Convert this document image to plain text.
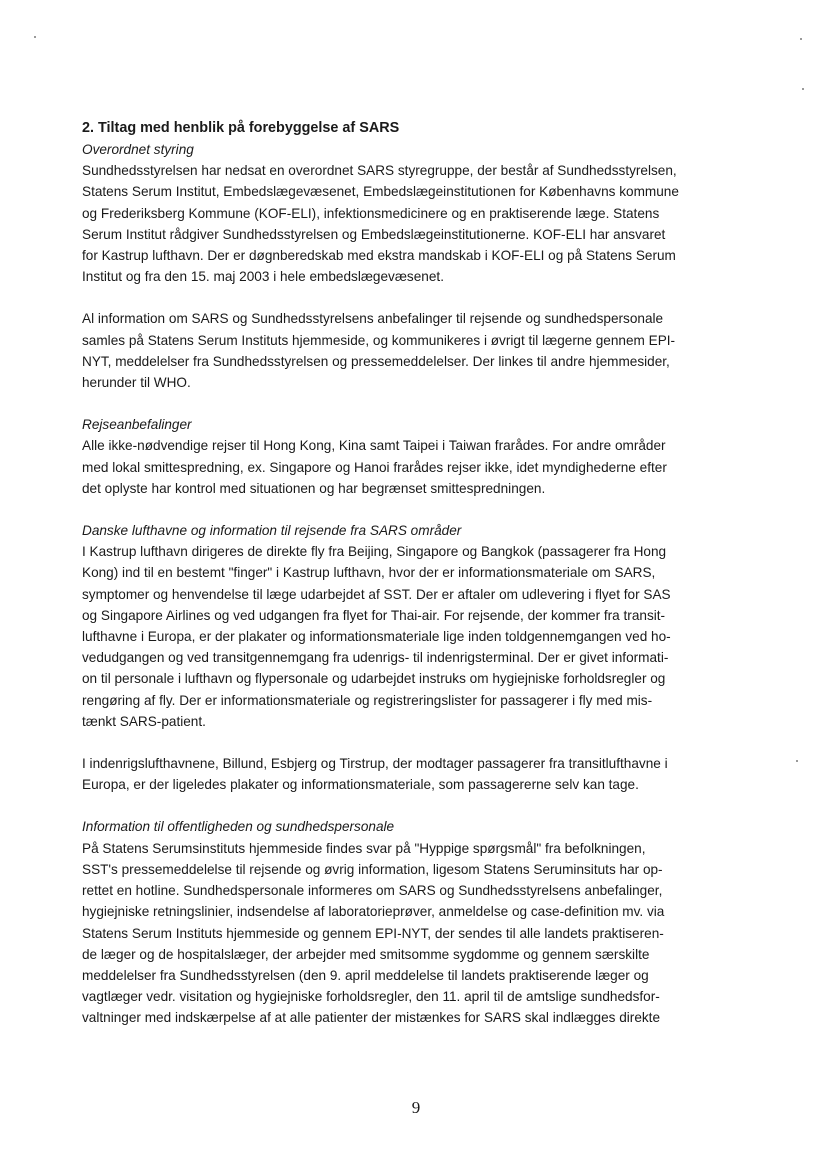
2. Tiltag med henblik på forebyggelse af SARS

Overordnet styring

Sundhedsstyrelsen har nedsat en overordnet SARS styregruppe, der består af Sundhedsstyrelsen,
Statens Serum Institut, Embedslægevæsenet, Embedslægeinstitutionen for Københavns kommune
og Frederiksberg Kommune (KOF-ELI), infektionsmedicinere og en praktiserende læge. Statens
Serum Institut rådgiver Sundhedsstyrelsen og Embedslægeinstitutionerne. KOF-ELI har ansvaret
for Kastrup lufthavn. Der er døgnberedskab med ekstra mandskab i KOF-ELI og på Statens Serum
Institut og fra den 15. maj 2003 i hele embedslægevæsenet.

Al information om SARS og Sundhedsstyrelsens anbefalinger til rejsende og sundhedspersonale
samles på Statens Serum Instituts hjemmeside, og kommunikeres i øvrigt til lægerne gennem EPI-
NYT, meddelelser fra Sundhedsstyrelsen og pressemeddelelser. Der linkes til andre hjemmesider,
herunder til WHO.

Rejseanbefalinger

Alle ikke-nødvendige rejser til Hong Kong, Kina samt Taipei i Taiwan frarådes. For andre områder
med lokal smittespredning, ex. Singapore og Hanoi frarådes rejser ikke, idet myndighederne efter
det oplyste har kontrol med situationen og har begrænset smittespredningen.

Danske lufthavne og information til rejsende fra SARS områder

I Kastrup lufthavn dirigeres de direkte fly fra Beijing, Singapore og Bangkok (passagerer fra Hong
Kong) ind til en bestemt "finger" i Kastrup lufthavn, hvor der er informationsmateriale om SARS,
symptomer og henvendelse til læge udarbejdet af SST. Der er aftaler om udlevering i flyet for SAS
og Singapore Airlines og ved udgangen fra flyet for Thai-air. For rejsende, der kommer fra transit-
lufthavne i Europa, er der plakater og informationsmateriale lige inden toldgennemgangen ved ho-
vedudgangen og ved transitgennemgang fra udenrigs- til indenrigsterminal. Der er givet informati-
on til personale i lufthavn og flypersonale og udarbejdet instruks om hygiejniske forholdsregler og
rengøring af fly. Der er informationsmateriale og registreringslister for passagerer i fly med mis-
tænkt SARS-patient.

I indenrigslufthavnene, Billund, Esbjerg og Tirstrup, der modtager passagerer fra transitlufthavne i
Europa, er der ligeledes plakater og informationsmateriale, som passagererne selv kan tage.

Information til offentligheden og sundhedspersonale

På Statens Serumsinstituts hjemmeside findes svar på "Hyppige spørgsmål" fra befolkningen,
SST's pressemeddelelse til rejsende og øvrig information, ligesom Statens Seruminsituts har op-
rettet en hotline. Sundhedspersonale informeres om SARS og Sundhedsstyrelsens anbefalinger,
hygiejniske retningslinier, indsendelse af laboratorieprøver, anmeldelse og case-definition mv. via
Statens Serum Instituts hjemmeside og gennem EPI-NYT, der sendes til alle landets praktiseren-
de læger og de hospitalslæger, der arbejder med smitsomme sygdomme og gennem særskilte
meddelelser fra Sundhedsstyrelsen (den 9. april meddelelse til landets praktiserende læger og
vagtlæger vedr. visitation og hygiejniske forholdsregler, den 11. april til de amtslige sundhedsfor-
valtninger med indskærpelse af at alle patienter der mistænkes for SARS skal indlægges direkte

9
